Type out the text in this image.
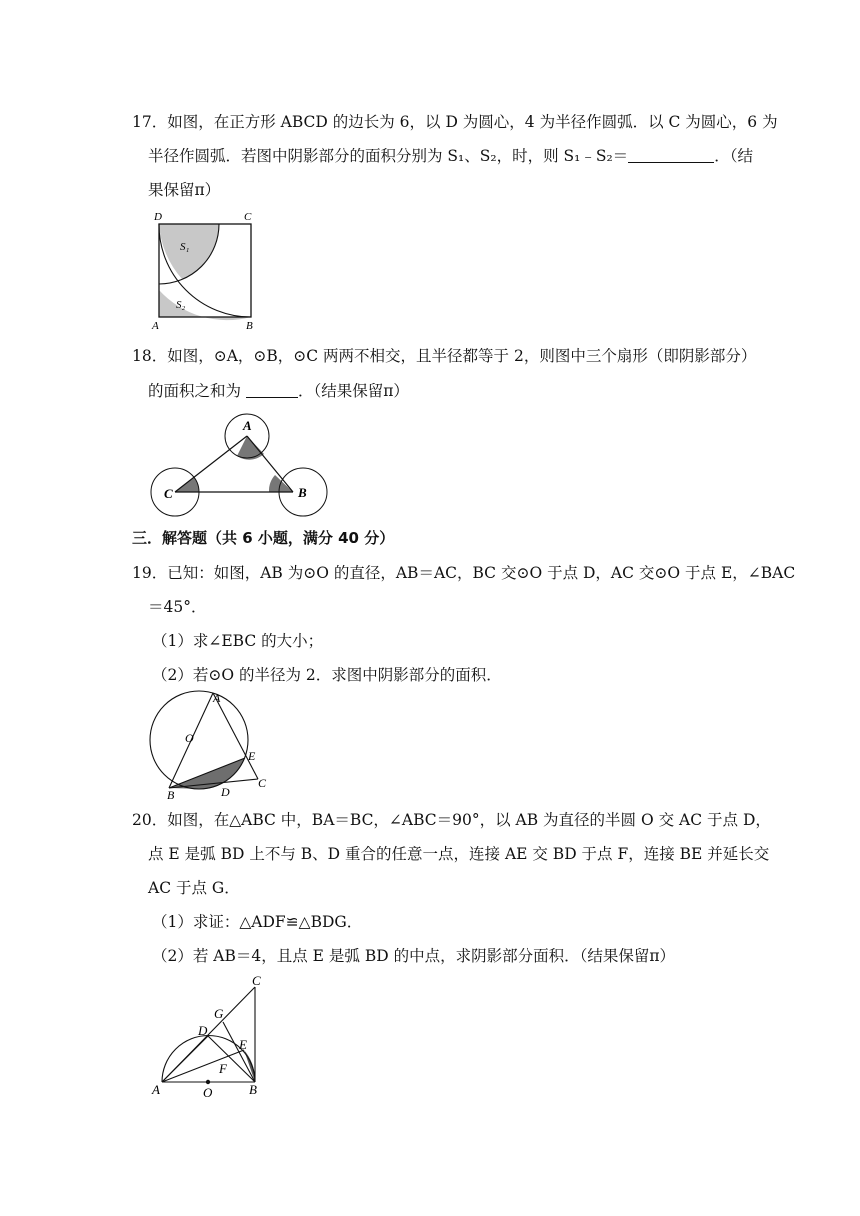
17．如图，在正方形 ABCD 的边长为 6，以 D 为圆心，4 为半径作圆弧．以 C 为圆心，6 为
半径作圆弧．若图中阴影部分的面积分别为 S₁、S₂，时，则 S₁﹣S₂＝	．（结
果保留π）
D	C
A	B
S₁
S₂
18．如图，⊙A，⊙B，⊙C 两两不相交，且半径都等于 2，则图中三个扇形（即阴影部分）
的面积之和为	．（结果保留π）
A
C	B
三．解答题（共 6 小题，满分 40 分）
19．已知：如图，AB 为⊙O 的直径，AB＝AC，BC 交⊙O 于点 D，AC 交⊙O 于点 E，∠BAC
＝45°．
（1）求∠EBC 的大小；
（2）若⊙O 的半径为 2．求图中阴影部分的面积．
A
O
E
C
B	D
20．如图，在△ABC 中，BA＝BC，∠ABC＝90°，以 AB 为直径的半圆 O 交 AC 于点 D，
点 E 是弧 BD 上不与 B、D 重合的任意一点，连接 AE 交 BD 于点 F，连接 BE 并延长交
AC 于点 G．
（1）求证：△ADF≌△BDG．
（2）若 AB＝4，且点 E 是弧 BD 的中点，求阴影部分面积．（结果保留π）
C
G
D
E
F
A	O	B
